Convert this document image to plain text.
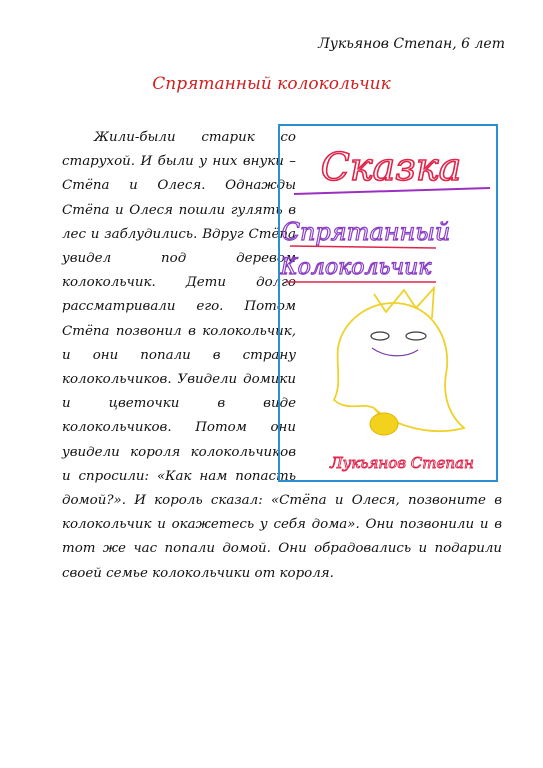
Лукьянов Степан, 6 лет
Спрятанный колокольчик

Жили-были старик со старухой. И были у них внуки – Стёпа и Олеся. Однажды Стёпа и Олеся пошли гулять в лес и заблудились. Вдруг Стёпа увидел под деревом колокольчик. Дети долго рассматривали его. Потом Стёпа позвонил в колокольчик, и они попали в страну колокольчиков. Увидели домики и цветочки в виде колокольчиков. Потом они увидели короля колокольчиков и спросили: «Как нам попасть домой?». И король сказал: «Стёпа и Олеся, позвоните в колокольчик и окажетесь у себя дома». Они позвонили и в тот же час попали домой. Они обрадовались и подарили своей семье колокольчики от короля.

Сказка
Спрятанный
Колокольчик
Лукьянов Степан
